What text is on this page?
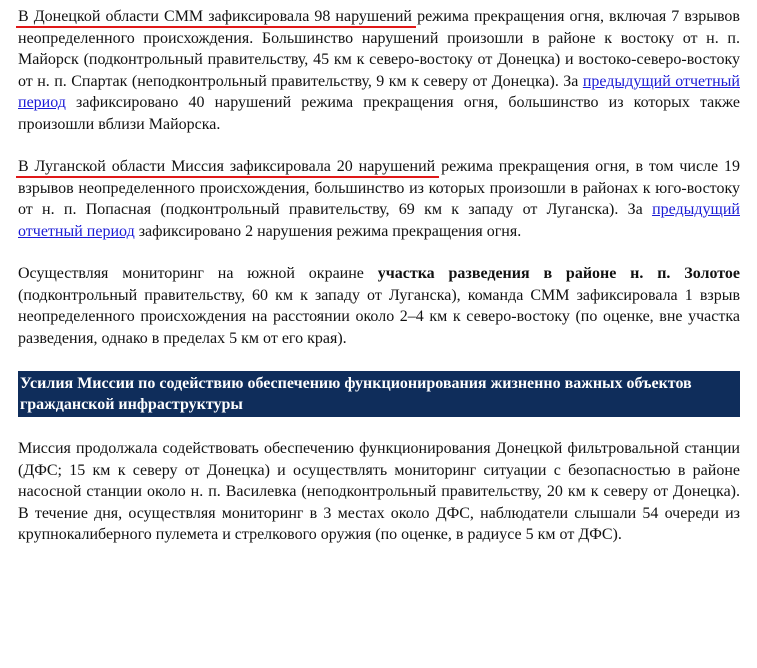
В Донецкой области СММ зафиксировала 98 нарушений
режима прекращения огня, включая 7 взрывов неопределенного происхождения. Большинство нарушений произошли в районе к востоку от н. п. Майорск (подконтрольный правительству, 45 км к северо-востоку от Донецка) и востоко-северо-востоку от н. п. Спартак (неподконтрольный правительству, 9 км к северу от Донецка). За предыдущий отчетный период зафиксировано 40 нарушений режима прекращения огня, большинство из которых также произошли вблизи Майорска.

В Луганской области Миссия зафиксировала 20 нарушений
режима прекращения огня, в том числе 19 взрывов неопределенного происхождения, большинство из которых произошли в районах к юго-востоку от н. п. Попасная (подконтрольный правительству, 69 км к западу от Луганска). За предыдущий отчетный период зафиксировано 2 нарушения режима прекращения огня.

Осуществляя мониторинг на южной окраине участка разведения в районе н. п. Золотое (подконтрольный правительству, 60 км к западу от Луганска), команда СММ зафиксировала 1 взрыв неопределенного происхождения на расстоянии около 2–4 км к северо-востоку (по оценке, вне участка разведения, однако в пределах 5 км от его края).

Усилия Миссии по содействию обеспечению функционирования жизненно важных объектов гражданской инфраструктуры

Миссия продолжала содействовать обеспечению функционирования Донецкой фильтровальной станции (ДФС; 15 км к северу от Донецка) и осуществлять мониторинг ситуации с безопасностью в районе насосной станции около н. п. Василевка (неподконтрольный правительству, 20 км к северу от Донецка). В течение дня, осуществляя мониторинг в 3 местах около ДФС, наблюдатели слышали 54 очереди из крупнокалиберного пулемета и стрелкового оружия (по оценке, в радиусе 5 км от ДФС).
